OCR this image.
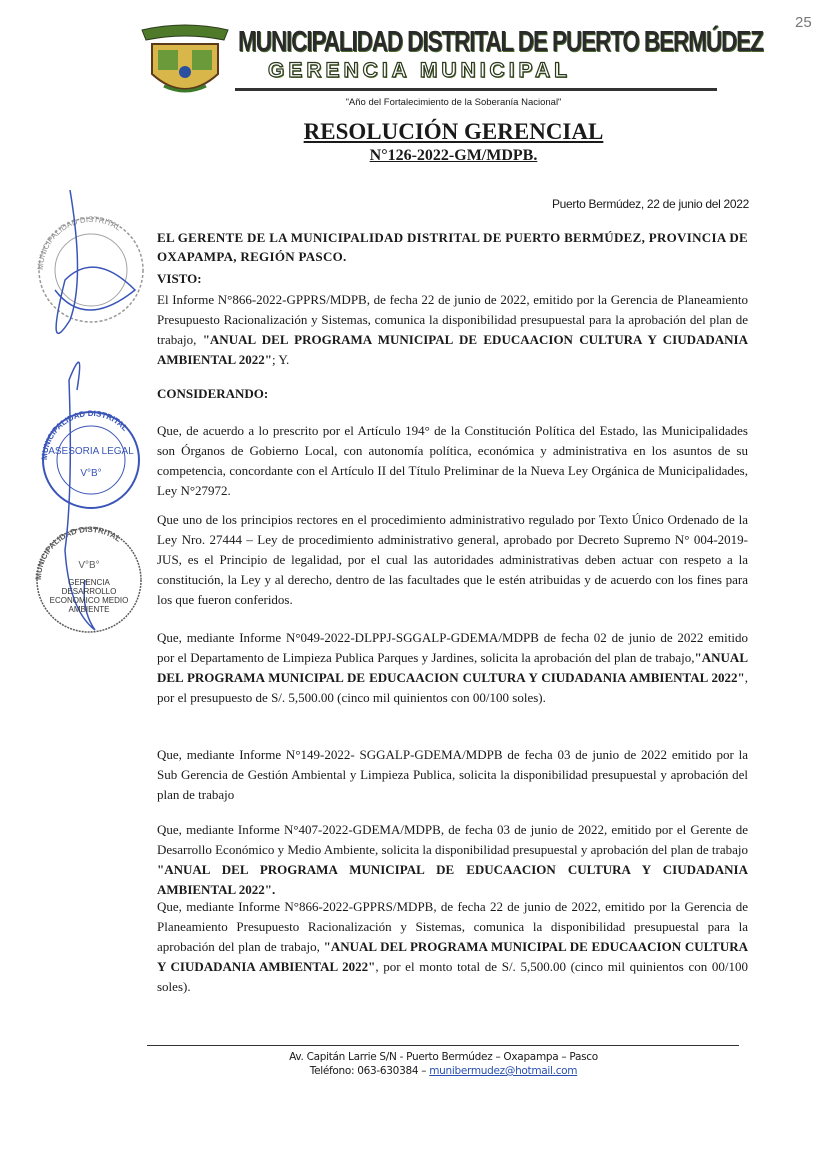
MUNICIPALIDAD DISTRITAL DE PUERTO BERMÚDEZ
GERENCIA MUNICIPAL
25
"Año del Fortalecimiento de la Soberanía Nacional"
RESOLUCIÓN GERENCIAL
N°126-2022-GM/MDPB.
Puerto Bermúdez, 22 de junio del 2022
EL GERENTE DE LA MUNICIPALIDAD DISTRITAL DE PUERTO BERMÚDEZ, PROVINCIA DE OXAPAMPA, REGIÓN PASCO.
VISTO:
El Informe N°866-2022-GPPRS/MDPB, de fecha 22 de junio de 2022, emitido por la Gerencia de Planeamiento Presupuesto Racionalización y Sistemas, comunica la disponibilidad presupuestal para la aprobación del plan de trabajo, "ANUAL DEL PROGRAMA MUNICIPAL DE EDUCAACION CULTURA Y CIUDADANIA AMBIENTAL 2022"; Y.
CONSIDERANDO:
Que, de acuerdo a lo prescrito por el Artículo 194° de la Constitución Política del Estado, las Municipalidades son Órganos de Gobierno Local, con autonomía política, económica y administrativa en los asuntos de su competencia, concordante con el Artículo II del Título Preliminar de la Nueva Ley Orgánica de Municipalidades, Ley N°27972.
Que uno de los principios rectores en el procedimiento administrativo regulado por Texto Único Ordenado de la Ley Nro. 27444 – Ley de procedimiento administrativo general, aprobado por Decreto Supremo N° 004-2019-JUS, es el Principio de legalidad, por el cual las autoridades administrativas deben actuar con respeto a la constitución, la Ley y al derecho, dentro de las facultades que le estén atribuidas y de acuerdo con los fines para los que fueron conferidos.
Que, mediante Informe N°049-2022-DLPPJ-SGGALP-GDEMA/MDPB de fecha 02 de junio de 2022 emitido por el Departamento de Limpieza Publica Parques y Jardines, solicita la aprobación del plan de trabajo,"ANUAL DEL PROGRAMA MUNICIPAL DE EDUCAACION CULTURA Y CIUDADANIA AMBIENTAL 2022", por el presupuesto de S/. 5,500.00 (cinco mil quinientos con 00/100 soles).
Que, mediante Informe N°149-2022- SGGALP-GDEMA/MDPB de fecha 03 de junio de 2022 emitido por la Sub Gerencia de Gestión Ambiental y Limpieza Publica, solicita la disponibilidad presupuestal y aprobación del plan de trabajo
Que, mediante Informe N°407-2022-GDEMA/MDPB, de fecha 03 de junio de 2022, emitido por el Gerente de Desarrollo Económico y Medio Ambiente, solicita la disponibilidad presupuestal y aprobación del plan de trabajo "ANUAL DEL PROGRAMA MUNICIPAL DE EDUCAACION CULTURA Y CIUDADANIA AMBIENTAL 2022".
Que, mediante Informe N°866-2022-GPPRS/MDPB, de fecha 22 de junio de 2022, emitido por la Gerencia de Planeamiento Presupuesto Racionalización y Sistemas, comunica la disponibilidad presupuestal para la aprobación del plan de trabajo, "ANUAL DEL PROGRAMA MUNICIPAL DE EDUCAACION CULTURA Y CIUDADANIA AMBIENTAL 2022", por el monto total de S/. 5,500.00 (cinco mil quinientos con 00/100 soles).
MUNICIPALIDAD DISTRITAL
MUNICIPALIDAD DISTRITAL
ASESORIA LEGAL
V°B°
MUNICIPALIDAD DISTRITAL
V°B°
GERENCIA DESARROLLO ECONOMICO MEDIO AMBIENTE
Av. Capitán Larrie S/N - Puerto Bermúdez – Oxapampa – Pasco
Teléfono: 063-630384 – munibermudez@hotmail.com
